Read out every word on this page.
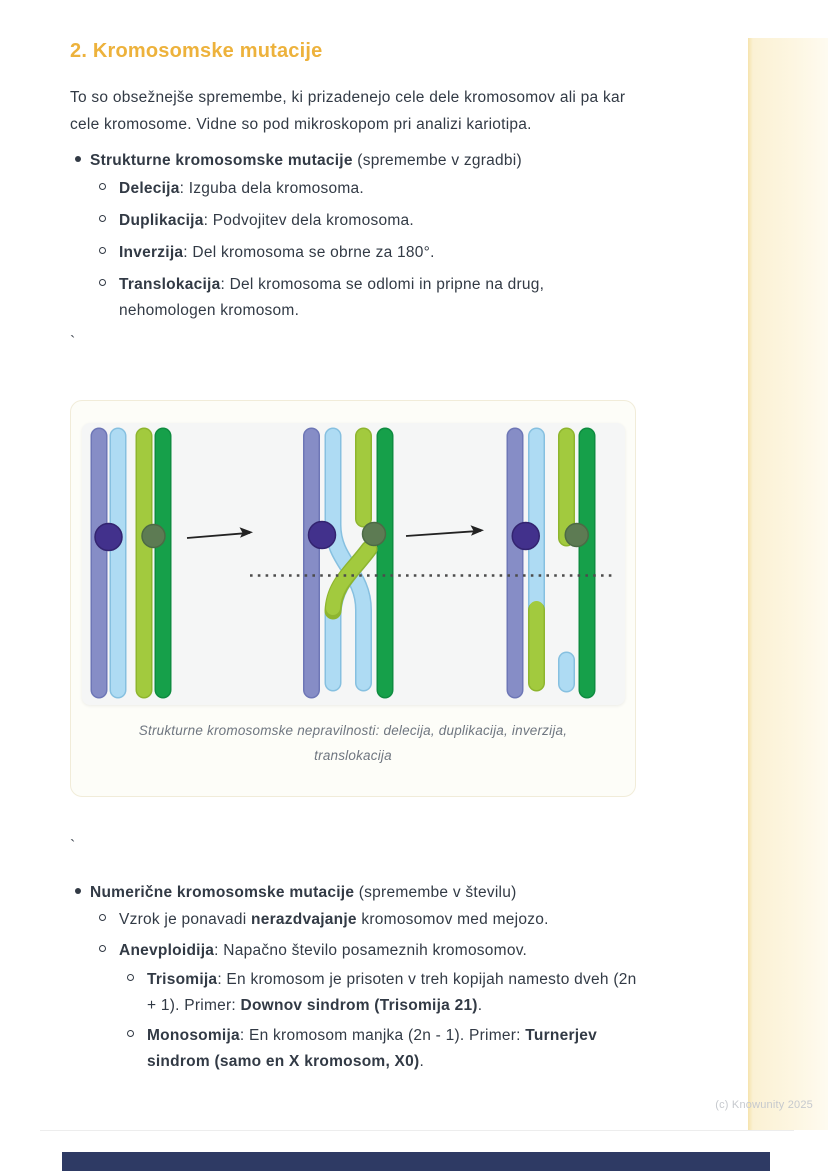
2. Kromosomske mutacije

To so obsežnejše spremembe, ki prizadenejo cele dele kromosomov ali pa kar
cele kromosome. Vidne so pod mikroskopom pri analizi kariotipa.

Strukturne kromosomske mutacije (spremembe v zgradbi)
Delecija: Izguba dela kromosoma.
Duplikacija: Podvojitev dela kromosoma.
Inverzija: Del kromosoma se obrne za 180°.
Translokacija: Del kromosoma se odlomi in pripne na drug,
nehomologen kromosom.
`
Strukturne kromosomske nepravilnosti: delecija, duplikacija, inverzija,
translokacija
`
Numerične kromosomske mutacije (spremembe v številu)
Vzrok je ponavadi nerazdvajanje kromosomov med mejozo.
Anevploidija: Napačno število posameznih kromosomov.
Trisomija: En kromosom je prisoten v treh kopijah namesto dveh (2n
+ 1). Primer: Downov sindrom (Trisomija 21).
Monosomija: En kromosom manjka (2n - 1). Primer: Turnerjev
sindrom (samo en X kromosom, X0).
(c) Knowunity 2025
